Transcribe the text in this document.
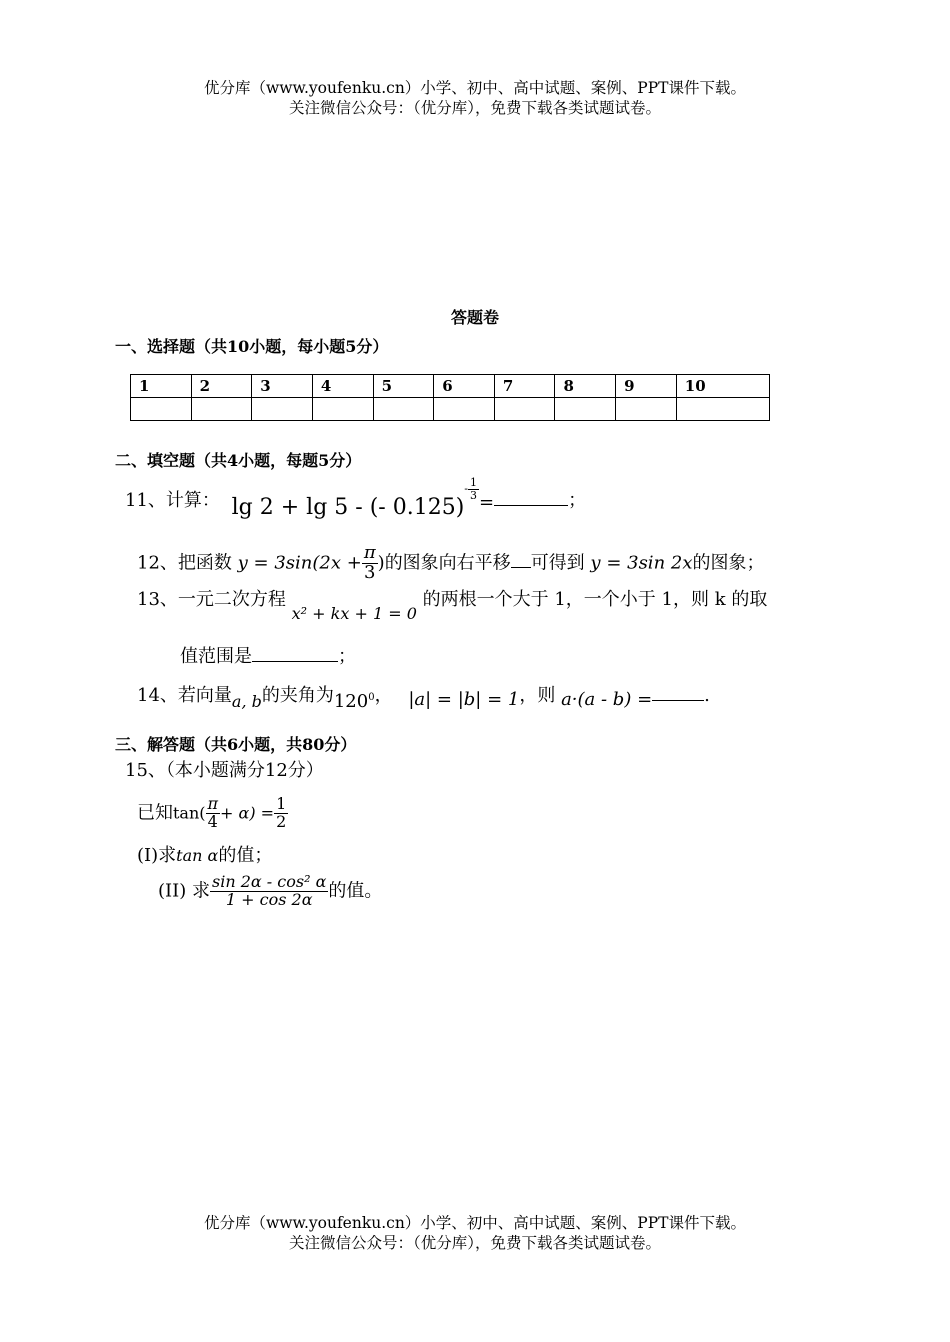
优分库（www.youfenku.cn）小学、初中、高中试题、案例、PPT课件下载。
关注微信公众号：（优分库），免费下载各类试题试卷。
答题卷
一、选择题（共10小题，每小题5分）
1	2	3	4	5	6	7	8	9	10

二、填空题（共4小题，每题5分）
11、计算： lg 2 + lg 5 - (- $0.125)- \frac{1}{3}$
=	；
12、把函数 $y = 3\sin(2x + \frac{\pi}{3}$ )的图象向右平移 可得到 y = 3sin 2x的图象；
13、一元二次方程 x² + kx + 1 = 0 的两根一个大于 1，一个小于 1，则 k 的取
值范围是	；
14、若向量a, b的夹角为$120^0$， |a| = |b| = 1，则 a·(a - b) =	.
三、解答题（共6小题，共80分）
15、（本小题满分12分）
已知$\tan( \frac{\pi}{4} + \alpha) = \frac{1}{2}$
(I)求tan α的值；
(II) 求 $\frac{\text{sin 2α - cos² α}}{1 + \cos 2\alpha}$ 的值。
优分库（www.youfenku.cn）小学、初中、高中试题、案例、PPT课件下载。
关注微信公众号：（优分库），免费下载各类试题试卷。
